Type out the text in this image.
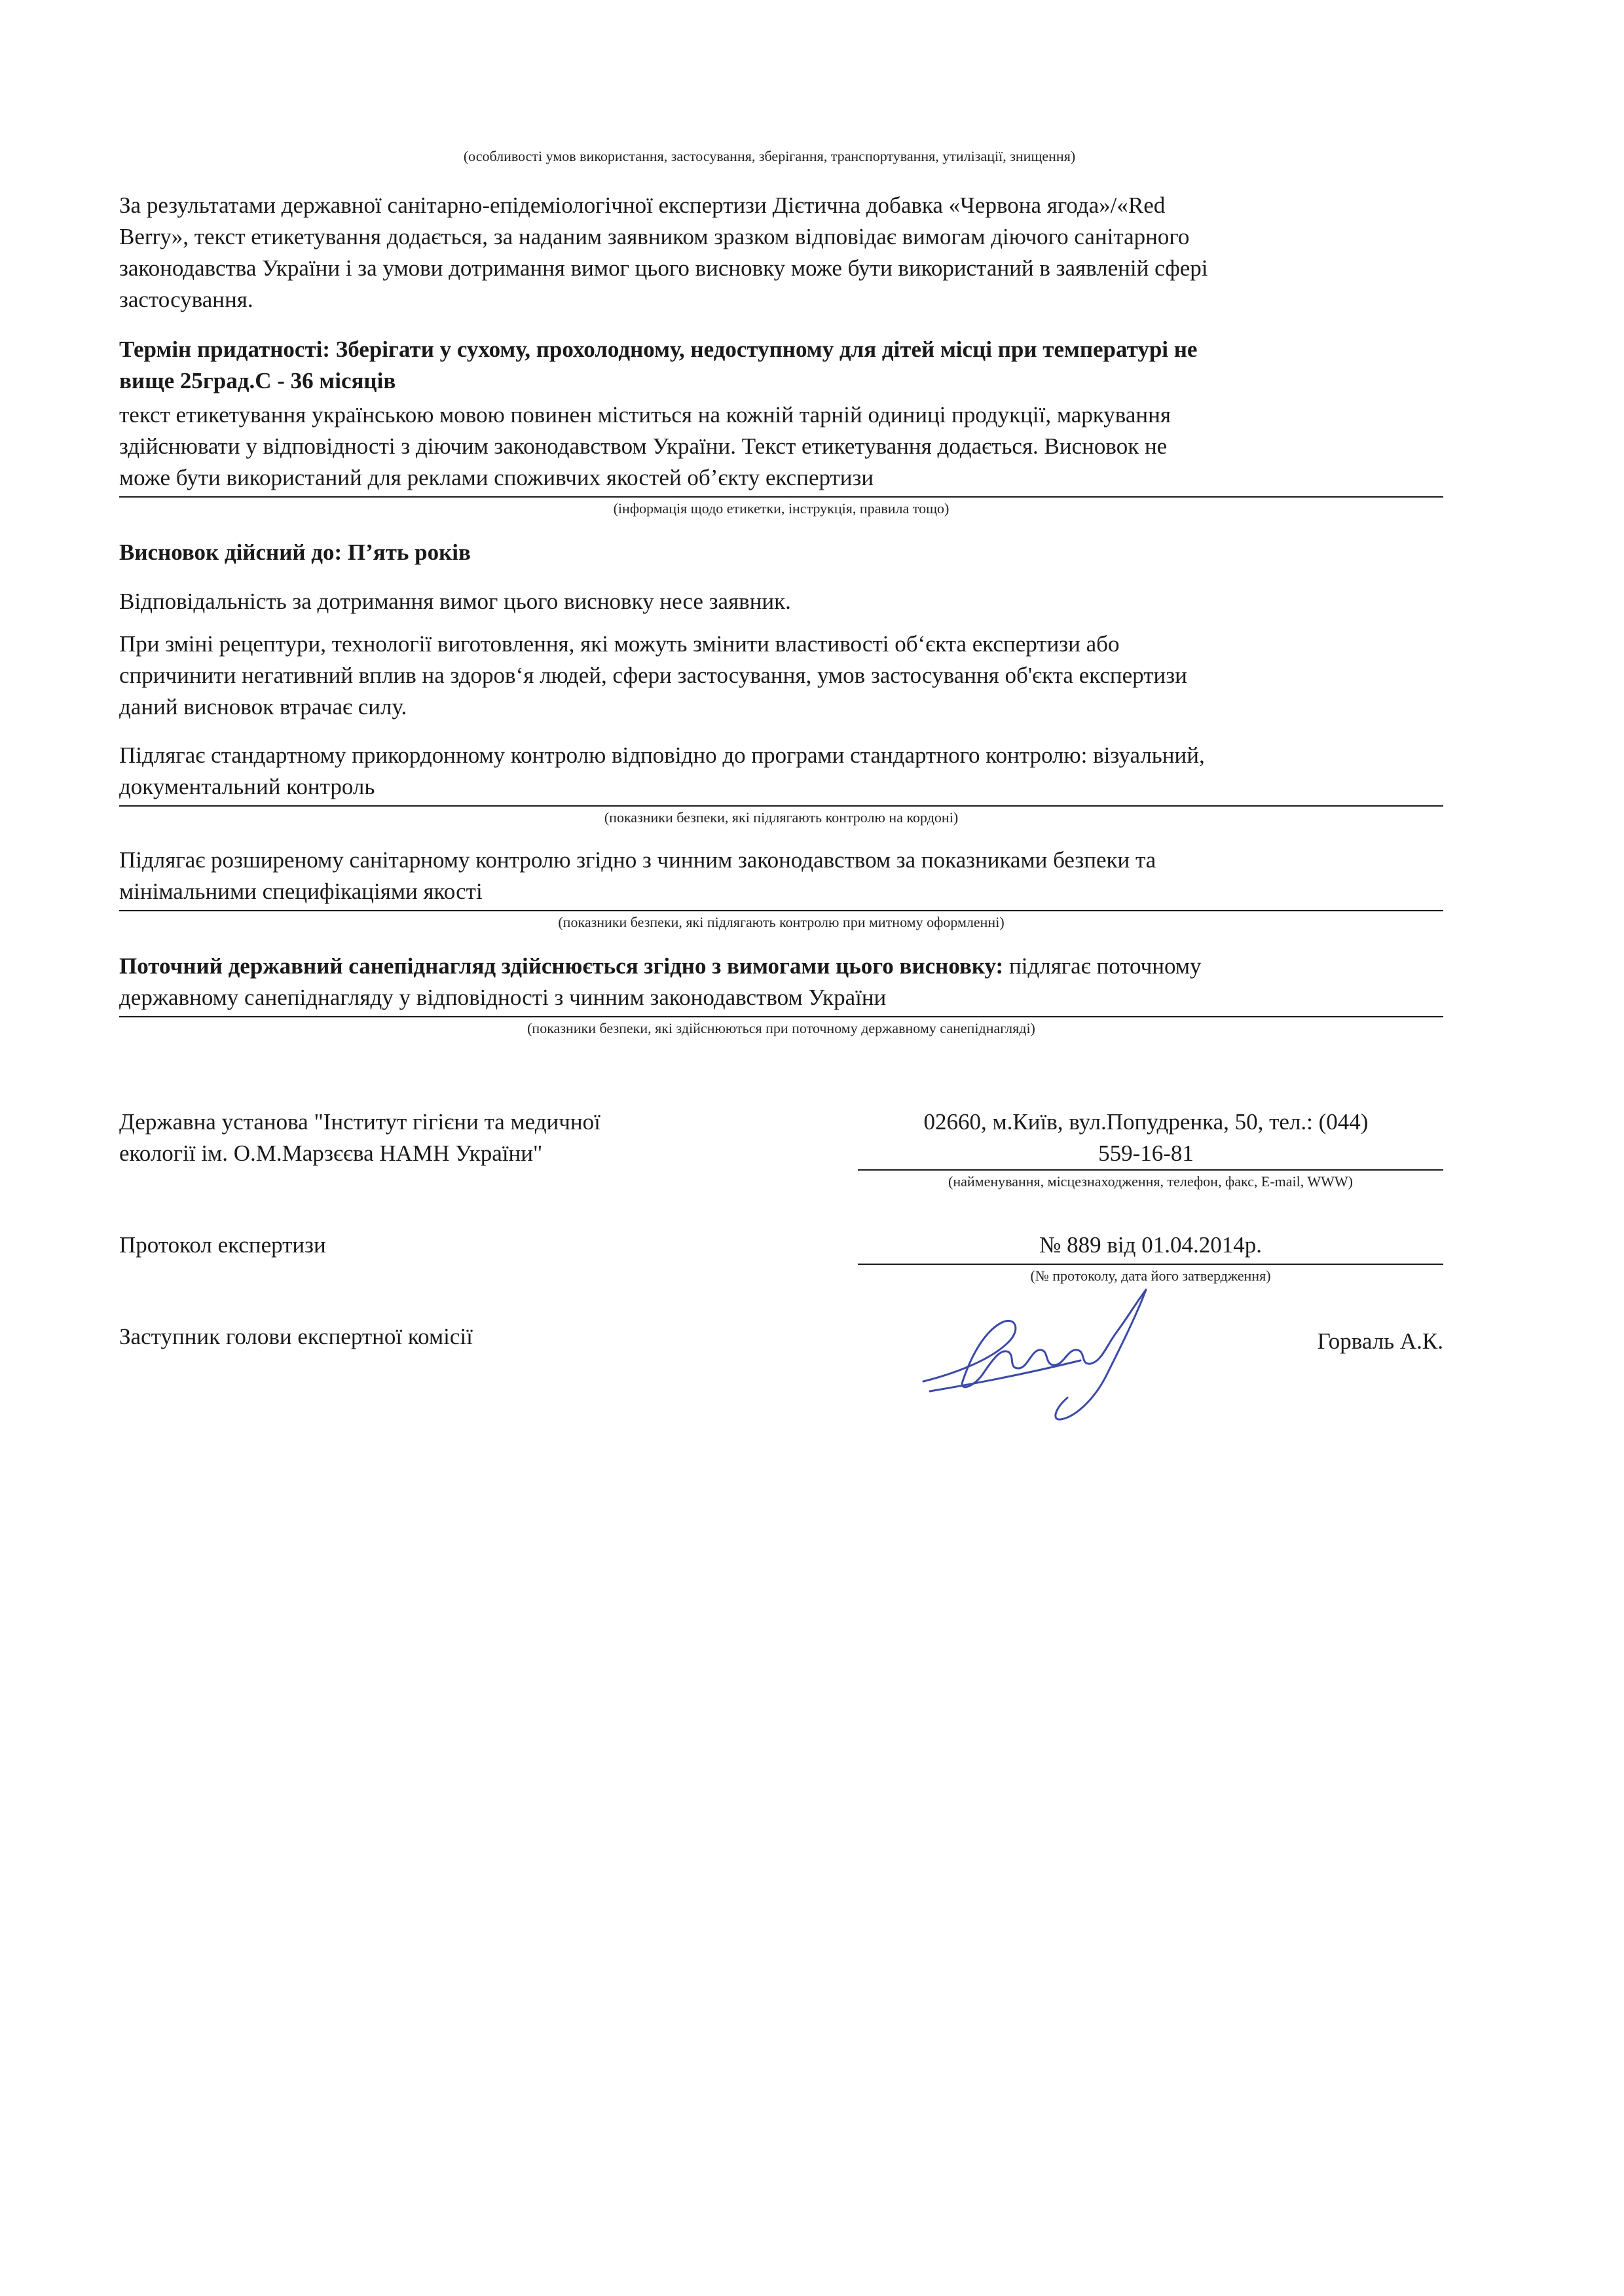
(особливості умов використання, застосування, зберігання, транспортування, утилізації, знищення)
За результатами державної санітарно-епідеміологічної експертизи Дієтична добавка «Червона ягода»/«Red
Berry», текст етикетування додається, за наданим заявником зразком відповідає вимогам діючого санітарного
законодавства України і за умови дотримання вимог цього висновку може бути використаний в заявленій сфері
застосування.
Термін придатності: Зберігати у сухому, прохолодному, недоступному для дітей місці при температурі не
вище 25град.С - 36 місяців
текст етикетування українською мовою повинен міститься на кожній тарній одиниці продукції, маркування
здійснювати у відповідності з діючим законодавством України. Текст етикетування додається. Висновок не
може бути використаний для реклами споживчих якостей об’єкту експертизи
(інформація щодо етикетки, інструкція, правила тощо)
Висновок дійсний до: П’ять років
Відповідальність за дотримання вимог цього висновку несе заявник.
При зміні рецептури, технології виготовлення, які можуть змінити властивості об‘єкта експертизи або
спричинити негативний вплив на здоров‘я людей, сфери застосування, умов застосування об'єкта експертизи
даний висновок втрачає силу.
Підлягає стандартному прикордонному контролю відповідно до програми стандартного контролю: візуальний,
документальний контроль
(показники безпеки, які підлягають контролю на кордоні)
Підлягає розширеному санітарному контролю згідно з чинним законодавством за показниками безпеки та
мінімальними специфікаціями якості
(показники безпеки, які підлягають контролю при митному оформленні)
Поточний державний санепіднагляд здійснюється згідно з вимогами цього висновку: підлягає поточному
державному санепіднагляду у відповідності з чинним законодавством України
(показники безпеки, які здійснюються при поточному державному санепіднагляді)
Державна установа "Інститут гігієни та медичної
екології ім. О.М.Марзєєва НАМН України"
02660, м.Київ, вул.Попудренка, 50, тел.: (044)
559-16-81
(найменування, місцезнаходження, телефон, факс, E-mail, WWW)
Протокол експертизи	№ 889 від 01.04.2014р.
(№ протоколу, дата його затвердження)
Заступник голови експертної комісії	Горваль А.К.
